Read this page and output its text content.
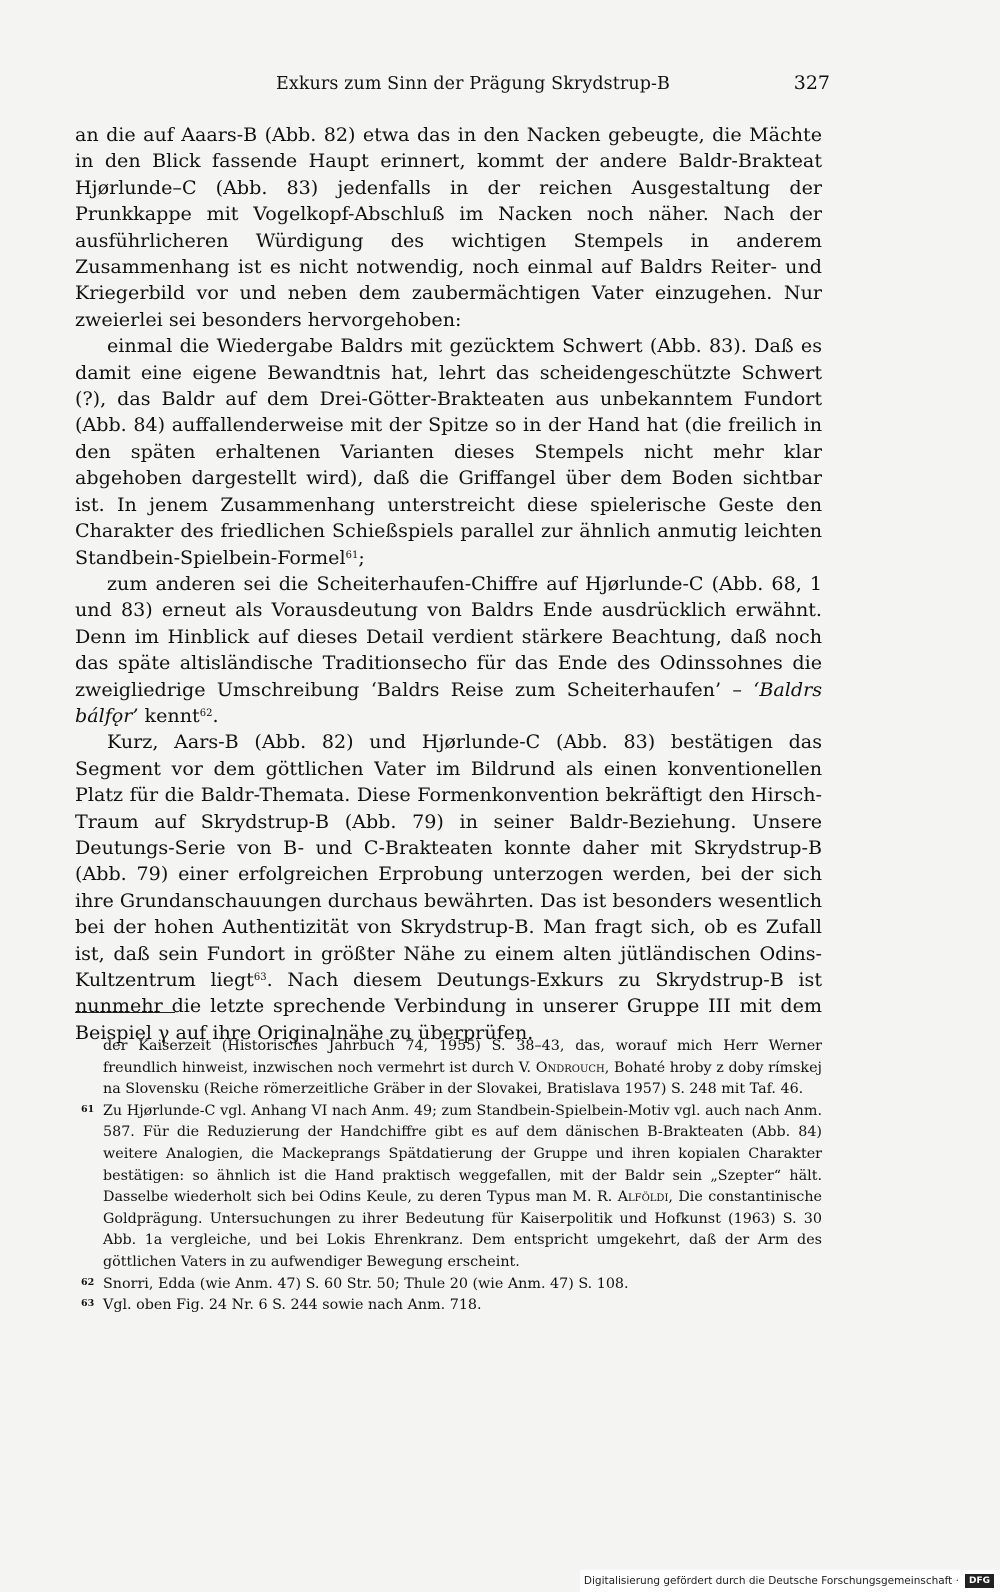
Exkurs zum Sinn der Prägung Skrydstrup-B	327

an die auf Aaars-B (Abb. 82) etwa das in den Nacken gebeugte, die Mächte in den Blick fassende Haupt erinnert, kommt der andere Baldr-Brakteat Hjørlunde–C (Abb. 83) jedenfalls in der reichen Ausgestaltung der Prunkkappe mit Vogelkopf-Abschluß im Nacken noch näher. Nach der ausführlicheren Würdigung des wichtigen Stempels in anderem Zusammenhang ist es nicht notwendig, noch einmal auf Baldrs Reiter- und Kriegerbild vor und neben dem zaubermächtigen Vater einzugehen. Nur zweierlei sei besonders hervorgehoben:

einmal die Wiedergabe Baldrs mit gezücktem Schwert (Abb. 83). Daß es damit eine eigene Bewandtnis hat, lehrt das scheidengeschützte Schwert (?), das Baldr auf dem Drei-Götter-Brakteaten aus unbekanntem Fundort (Abb. 84) auffallenderweise mit der Spitze so in der Hand hat (die freilich in den späten erhaltenen Varianten dieses Stempels nicht mehr klar abgehoben dargestellt wird), daß die Griffangel über dem Boden sichtbar ist. In jenem Zusammenhang unterstreicht diese spielerische Geste den Charakter des friedlichen Schießspiels parallel zur ähnlich anmutig leichten Standbein-Spielbein-Formel$^{61}$;

zum anderen sei die Scheiterhaufen-Chiffre auf Hjørlunde-C (Abb. 68, 1 und 83) erneut als Vorausdeutung von Baldrs Ende ausdrücklich erwähnt. Denn im Hinblick auf dieses Detail verdient stärkere Beachtung, daß noch das späte altisländische Traditionsecho für das Ende des Odinssohnes die zweigliedrige Umschreibung ‘Baldrs Reise zum Scheiterhaufen’ – ‘Baldrs bálfǫr’ kennt$^{62}$.

Kurz, Aars-B (Abb. 82) und Hjørlunde-C (Abb. 83) bestätigen das Segment vor dem göttlichen Vater im Bildrund als einen konventionellen Platz für die Baldr-Themata. Diese Formenkonvention bekräftigt den Hirsch-Traum auf Skrydstrup-B (Abb. 79) in seiner Baldr-Beziehung. Unsere Deutungs-Serie von B- und C-Brakteaten konnte daher mit Skrydstrup-B (Abb. 79) einer erfolgreichen Erprobung unterzogen werden, bei der sich ihre Grundanschauungen durchaus bewährten. Das ist besonders wesentlich bei der hohen Authentizität von Skrydstrup-B. Man fragt sich, ob es Zufall ist, daß sein Fundort in größter Nähe zu einem alten jütländischen Odins-Kultzentrum liegt$^{63}$. Nach diesem Deutungs-Exkurs zu Skrydstrup-B ist nunmehr die letzte sprechende Verbindung in unserer Gruppe III mit dem Beispiel γ auf ihre Originalnähe zu überprüfen.

der Kaiserzeit (Historisches Jahrbuch 74, 1955) S. 38–43, das, worauf mich Herr Werner freundlich hinweist, inzwischen noch vermehrt ist durch V. Ondrouch, Bohaté hroby z doby rímskej na Slovensku (Reiche römerzeitliche Gräber in der Slovakei, Bratislava 1957) S. 248 mit Taf. 46.

61 Zu Hjørlunde-C vgl. Anhang VI nach Anm. 49; zum Standbein-Spielbein-Motiv vgl. auch nach Anm. 587. Für die Reduzierung der Handchiffre gibt es auf dem dänischen B-Brakteaten (Abb. 84) weitere Analogien, die Mackeprangs Spätdatierung der Gruppe und ihren kopialen Charakter bestätigen: so ähnlich ist die Hand praktisch weggefallen, mit der Baldr sein „Szepter“ hält. Dasselbe wiederholt sich bei Odins Keule, zu deren Typus man M. R. Alföldi, Die constantinische Goldprägung. Untersuchungen zu ihrer Bedeutung für Kaiserpolitik und Hofkunst (1963) S. 30 Abb. 1a vergleiche, und bei Lokis Ehrenkranz. Dem entspricht umgekehrt, daß der Arm des göttlichen Vaters in zu aufwendiger Bewegung erscheint.

62 Snorri, Edda (wie Anm. 47) S. 60 Str. 50; Thule 20 (wie Anm. 47) S. 108.

63 Vgl. oben Fig. 24 Nr. 6 S. 244 sowie nach Anm. 718.

Digitalisierung gefördert durch die Deutsche Forschungsgemeinschaft ·	DFG
